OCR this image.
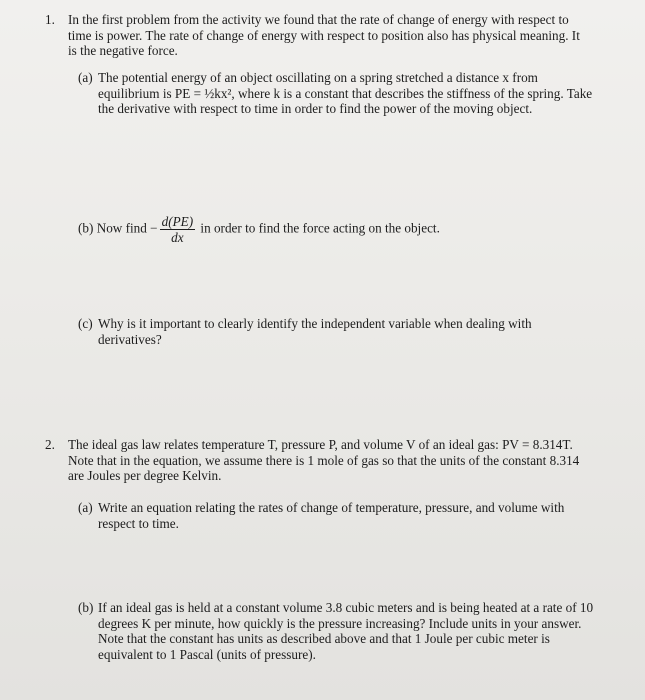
1. In the first problem from the activity we found that the rate of change of energy with respect to time is power. The rate of change of energy with respect to position also has physical meaning. It is the negative force.

(a) The potential energy of an object oscillating on a spring stretched a distance x from equilibrium is PE = ½kx², where k is a constant that describes the stiffness of the spring. Take the derivative with respect to time in order to find the power of the moving object.

(b) Now find − $\frac{d(PE)}{dx}$ in order to find the force acting on the object.
(c) Why is it important to clearly identify the independent variable when dealing with derivatives?

2. The ideal gas law relates temperature T, pressure P, and volume V of an ideal gas: PV = 8.314T. Note that in the equation, we assume there is 1 mole of gas so that the units of the constant 8.314 are Joules per degree Kelvin.

(a) Write an equation relating the rates of change of temperature, pressure, and volume with respect to time.

(b) If an ideal gas is held at a constant volume 3.8 cubic meters and is being heated at a rate of 10 degrees K per minute, how quickly is the pressure increasing? Include units in your answer. Note that the constant has units as described above and that 1 Joule per cubic meter is equivalent to 1 Pascal (units of pressure).
